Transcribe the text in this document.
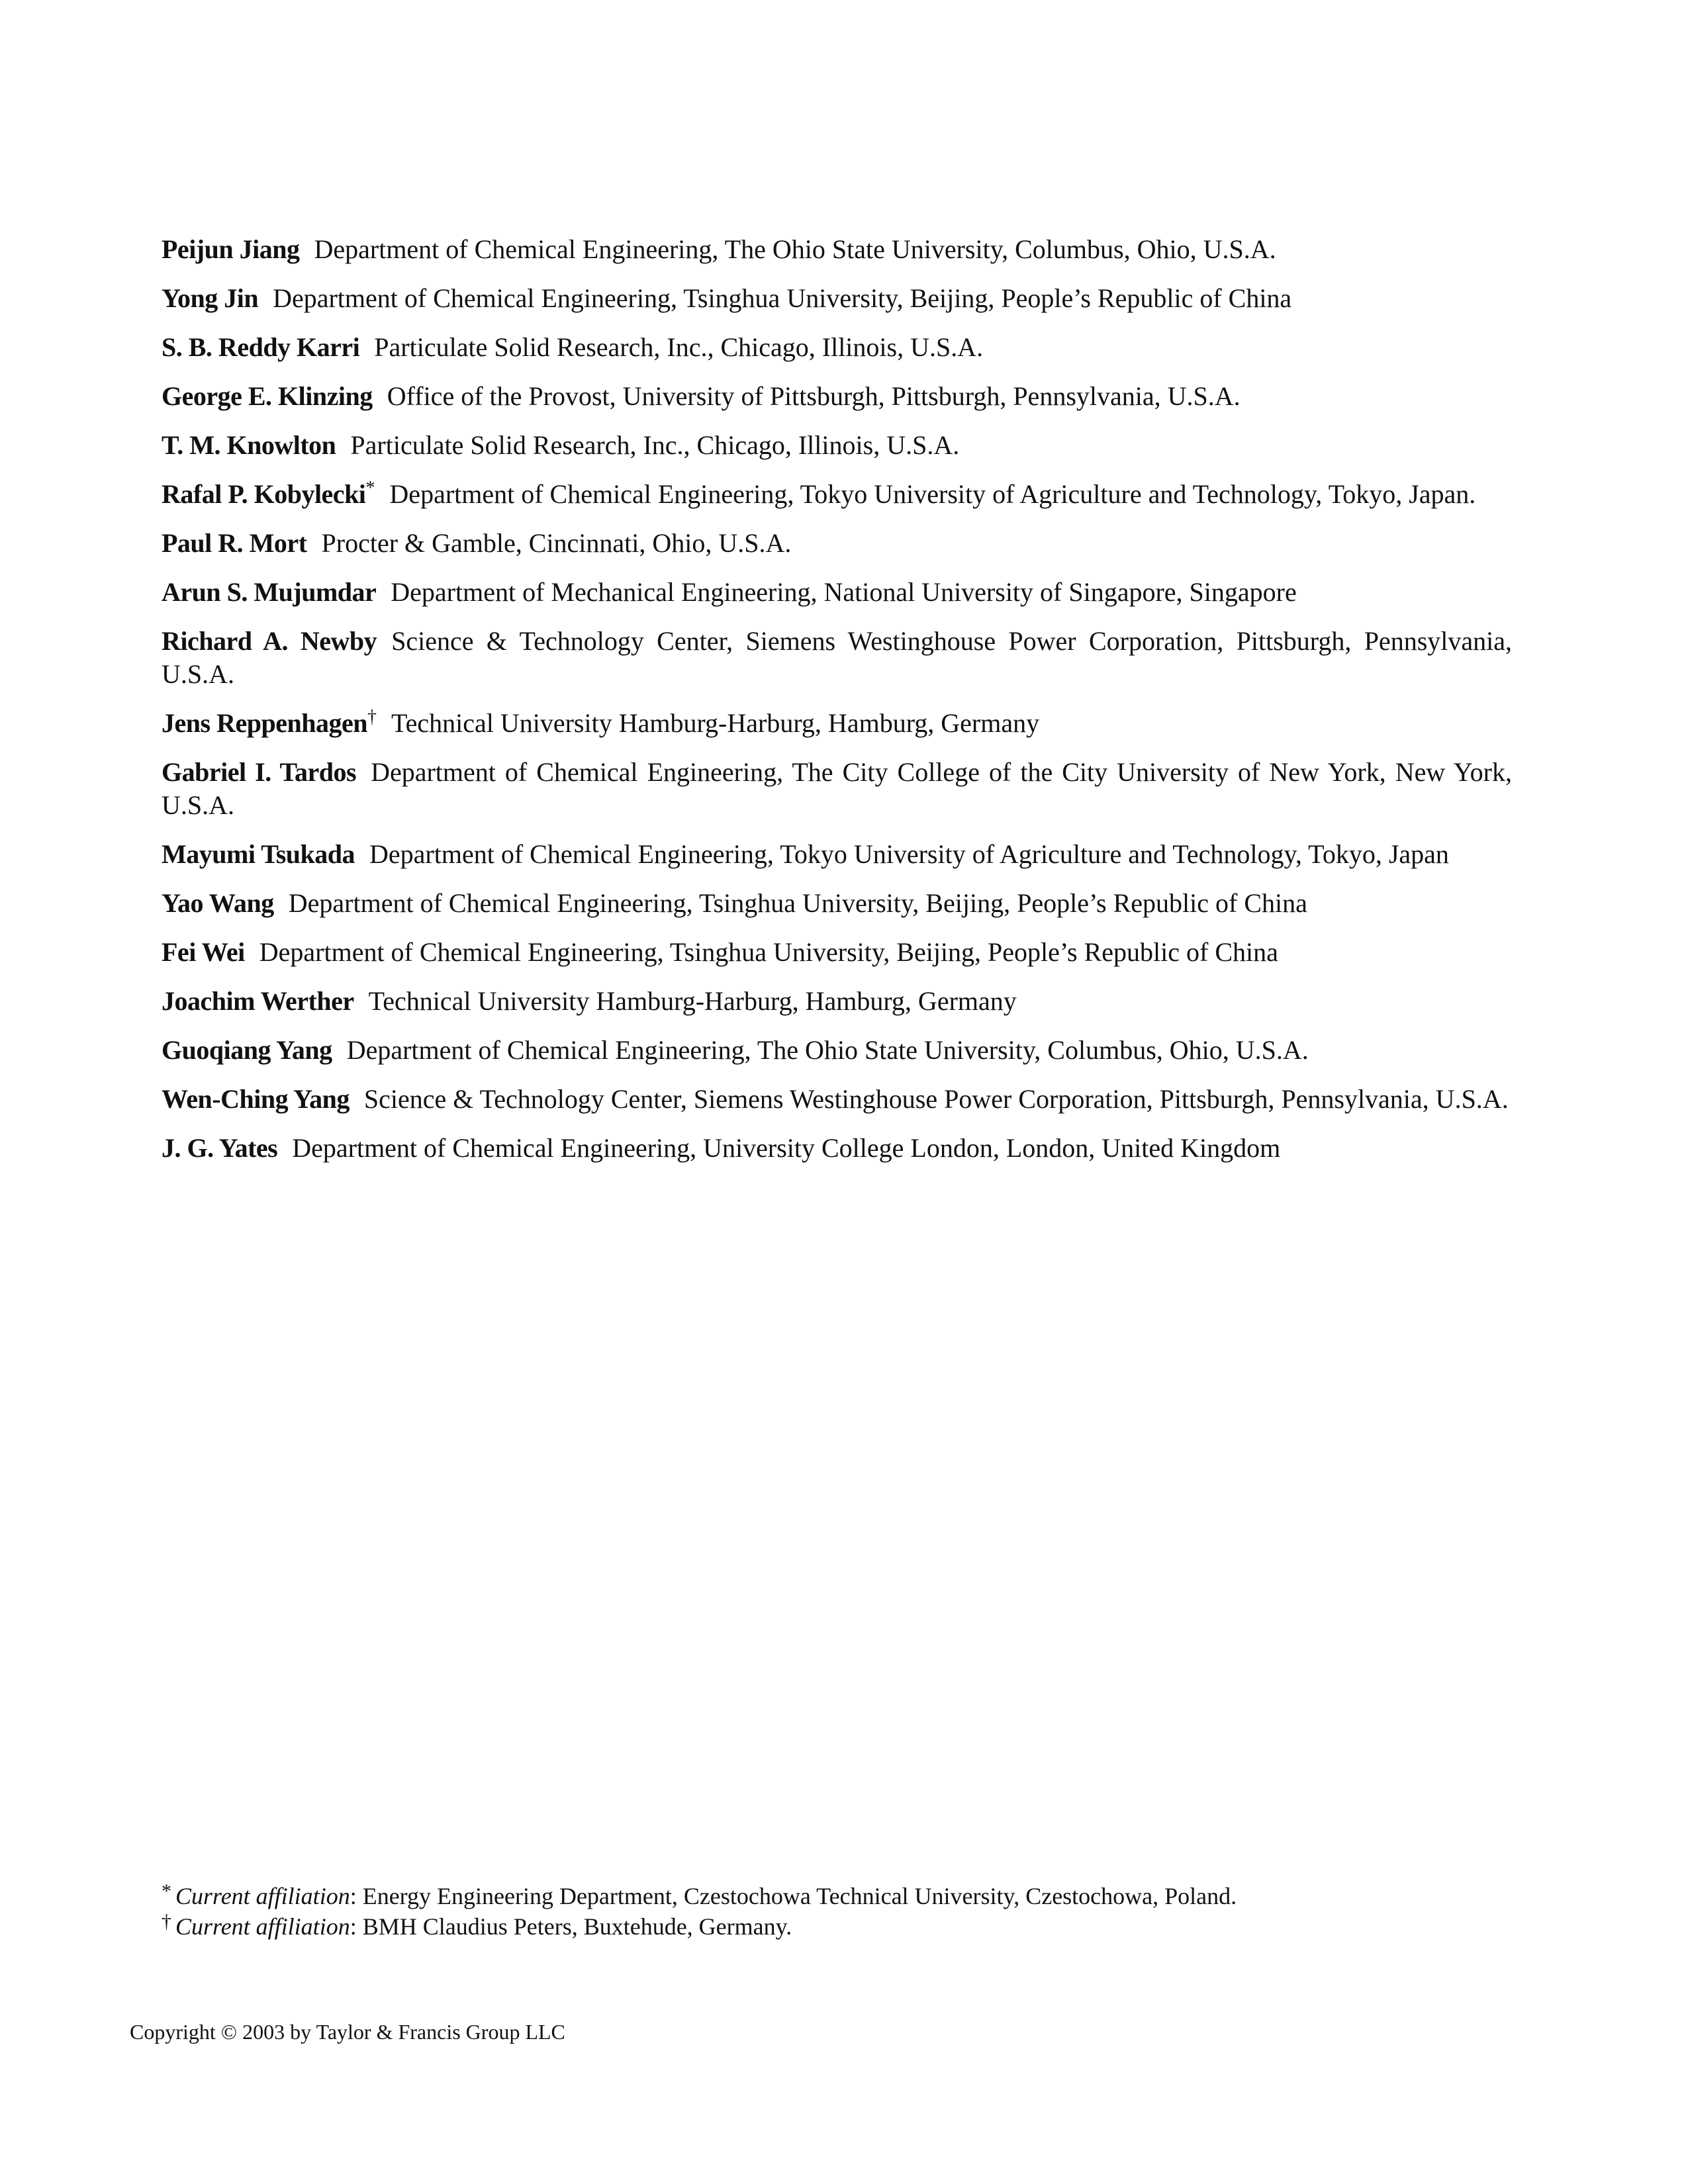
Peijun Jiang Department of Chemical Engineering, The Ohio State University, Columbus, Ohio, U.S.A.

Yong Jin Department of Chemical Engineering, Tsinghua University, Beijing, People’s Republic of China

S. B. Reddy Karri Particulate Solid Research, Inc., Chicago, Illinois, U.S.A.

George E. Klinzing Office of the Provost, University of Pittsburgh, Pittsburgh, Pennsylvania, U.S.A.

T. M. Knowlton Particulate Solid Research, Inc., Chicago, Illinois, U.S.A.

Rafal P. Kobylecki* Department of Chemical Engineering, Tokyo University of Agriculture and Technology, Tokyo, Japan.

Paul R. Mort Procter & Gamble, Cincinnati, Ohio, U.S.A.

Arun S. Mujumdar Department of Mechanical Engineering, National University of Singapore, Singapore

Richard A. Newby Science & Technology Center, Siemens Westinghouse Power Corporation, Pittsburgh, Pennsylvania, U.S.A.

Jens Reppenhagen† Technical University Hamburg-Harburg, Hamburg, Germany

Gabriel I. Tardos Department of Chemical Engineering, The City College of the City University of New York, New York, U.S.A.

Mayumi Tsukada Department of Chemical Engineering, Tokyo University of Agriculture and Technology, Tokyo, Japan

Yao Wang Department of Chemical Engineering, Tsinghua University, Beijing, People’s Republic of China

Fei Wei Department of Chemical Engineering, Tsinghua University, Beijing, People’s Republic of China

Joachim Werther Technical University Hamburg-Harburg, Hamburg, Germany

Guoqiang Yang Department of Chemical Engineering, The Ohio State University, Columbus, Ohio, U.S.A.

Wen-Ching Yang Science & Technology Center, Siemens Westinghouse Power Corporation, Pittsburgh, Pennsylvania, U.S.A.

J. G. Yates Department of Chemical Engineering, University College London, London, United Kingdom

* Current affiliation: Energy Engineering Department, Czestochowa Technical University, Czestochowa, Poland.
† Current affiliation: BMH Claudius Peters, Buxtehude, Germany.
Copyright © 2003 by Taylor & Francis Group LLC
